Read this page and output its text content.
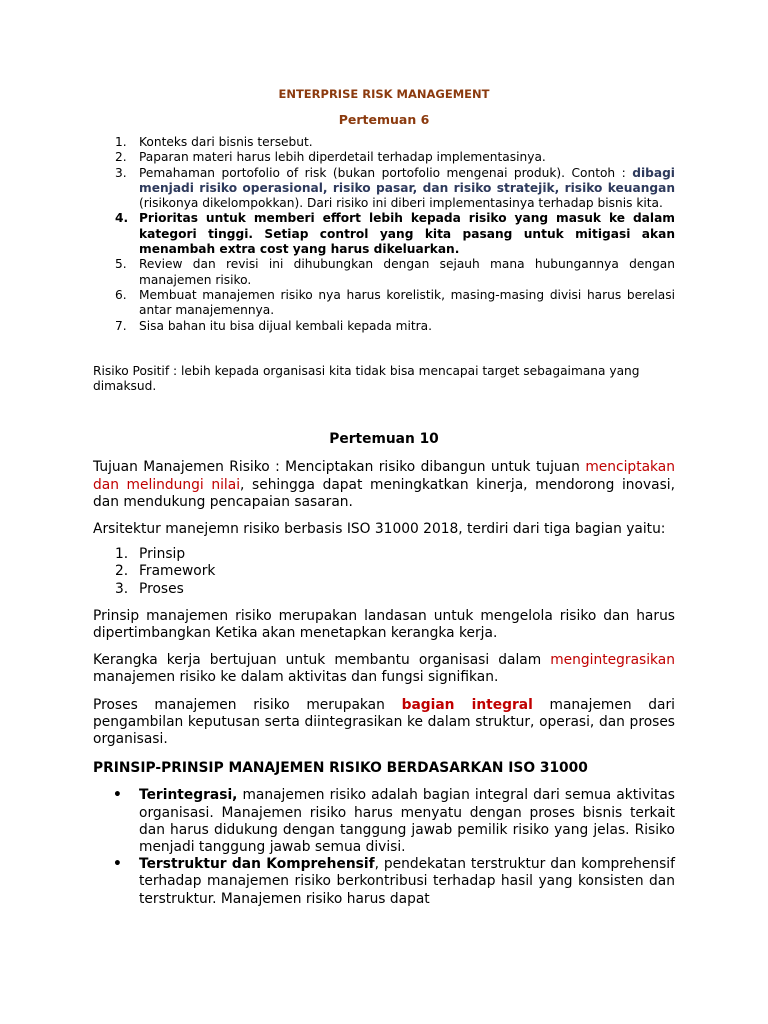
ENTERPRISE RISK MANAGEMENT
Pertemuan 6
1. Konteks dari bisnis tersebut.
2. Paparan materi harus lebih diperdetail terhadap implementasinya.
3. Pemahaman portofolio of risk (bukan portofolio mengenai produk). Contoh : dibagi menjadi risiko operasional, risiko pasar, dan risiko stratejik, risiko keuangan (risikonya dikelompokkan). Dari risiko ini diberi implementasinya terhadap bisnis kita.
4. Prioritas untuk memberi effort lebih kepada risiko yang masuk ke dalam kategori tinggi. Setiap control yang kita pasang untuk mitigasi akan menambah extra cost yang harus dikeluarkan.
5. Review dan revisi ini dihubungkan dengan sejauh mana hubungannya dengan manajemen risiko.
6. Membuat manajemen risiko nya harus korelistik, masing-masing divisi harus berelasi antar manajemennya.
7. Sisa bahan itu bisa dijual kembali kepada mitra.
Risiko Positif : lebih kepada organisasi kita tidak bisa mencapai target sebagaimana yang dimaksud.
Pertemuan 10

Tujuan Manajemen Risiko : Menciptakan risiko dibangun untuk tujuan menciptakan dan melindungi nilai, sehingga dapat meningkatkan kinerja, mendorong inovasi, dan mendukung pencapaian sasaran.

Arsitektur manejemn risiko berbasis ISO 31000 2018, terdiri dari tiga bagian yaitu:

1. Prinsip
2. Framework
3. Proses

Prinsip manajemen risiko merupakan landasan untuk mengelola risiko dan harus dipertimbangkan Ketika akan menetapkan kerangka kerja.

Kerangka kerja bertujuan untuk membantu organisasi dalam mengintegrasikan manajemen risiko ke dalam aktivitas dan fungsi signifikan.

Proses manajemen risiko merupakan bagian integral manajemen dari pengambilan keputusan serta diintegrasikan ke dalam struktur, operasi, dan proses organisasi.

PRINSIP-PRINSIP MANAJEMEN RISIKO BERDASARKAN ISO 31000
• Terintegrasi, manajemen risiko adalah bagian integral dari semua aktivitas organisasi. Manajemen risiko harus menyatu dengan proses bisnis terkait dan harus didukung dengan tanggung jawab pemilik risiko yang jelas. Risiko menjadi tanggung jawab semua divisi.
• Terstruktur dan Komprehensif, pendekatan terstruktur dan komprehensif terhadap manajemen risiko berkontribusi terhadap hasil yang konsisten dan terstruktur. Manajemen risiko harus dapat
